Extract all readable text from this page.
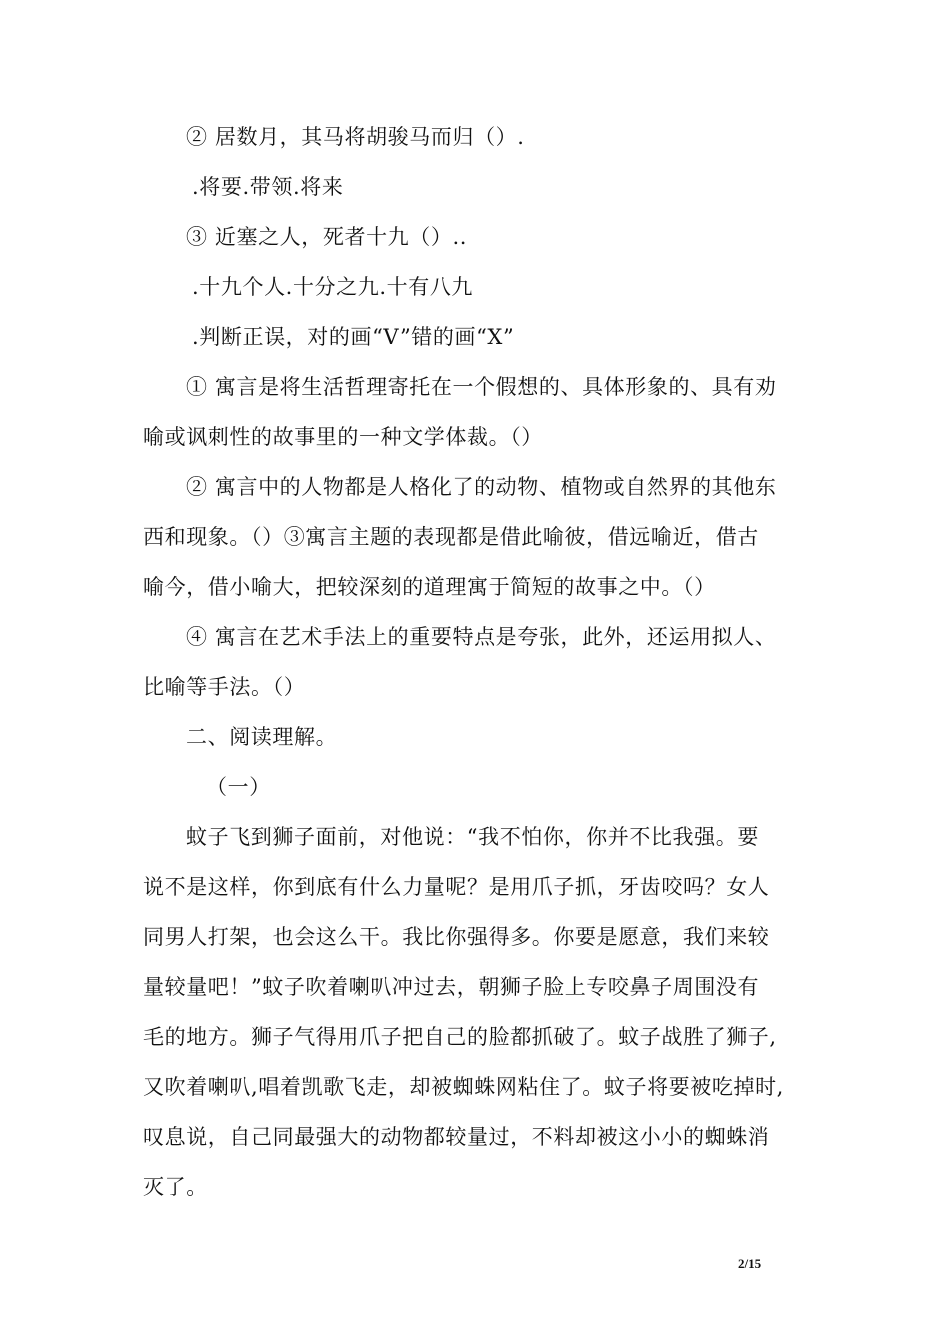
② 居数月，其马将胡骏马而归（）.
.将要.带领.将来
③ 近塞之人，死者十九（）..
.十九个人.十分之九.十有八九
.判断正误，对的画“V”错的画“X”
① 寓言是将生活哲理寄托在一个假想的、具体形象的、具有劝
喻或讽刺性的故事里的一种文学体裁。（）
② 寓言中的人物都是人格化了的动物、植物或自然界的其他东
西和现象。（）③寓言主题的表现都是借此喻彼，借远喻近，借古
喻今，借小喻大，把较深刻的道理寓于简短的故事之中。（）
④ 寓言在艺术手法上的重要特点是夸张，此外，还运用拟人、
比喻等手法。（）
二、阅读理解。
（一）
蚊子飞到狮子面前，对他说：“我不怕你，你并不比我强。要
说不是这样，你到底有什么力量呢？是用爪子抓，牙齿咬吗？女人
同男人打架，也会这么干。我比你强得多。你要是愿意，我们来较
量较量吧！”蚊子吹着喇叭冲过去，朝狮子脸上专咬鼻子周围没有
毛的地方。狮子气得用爪子把自己的脸都抓破了。蚊子战胜了狮子,
又吹着喇叭,唱着凯歌飞走，却被蜘蛛网粘住了。蚊子将要被吃掉时,
叹息说，自己同最强大的动物都较量过，不料却被这小小的蜘蛛消
灭了。
2/15
